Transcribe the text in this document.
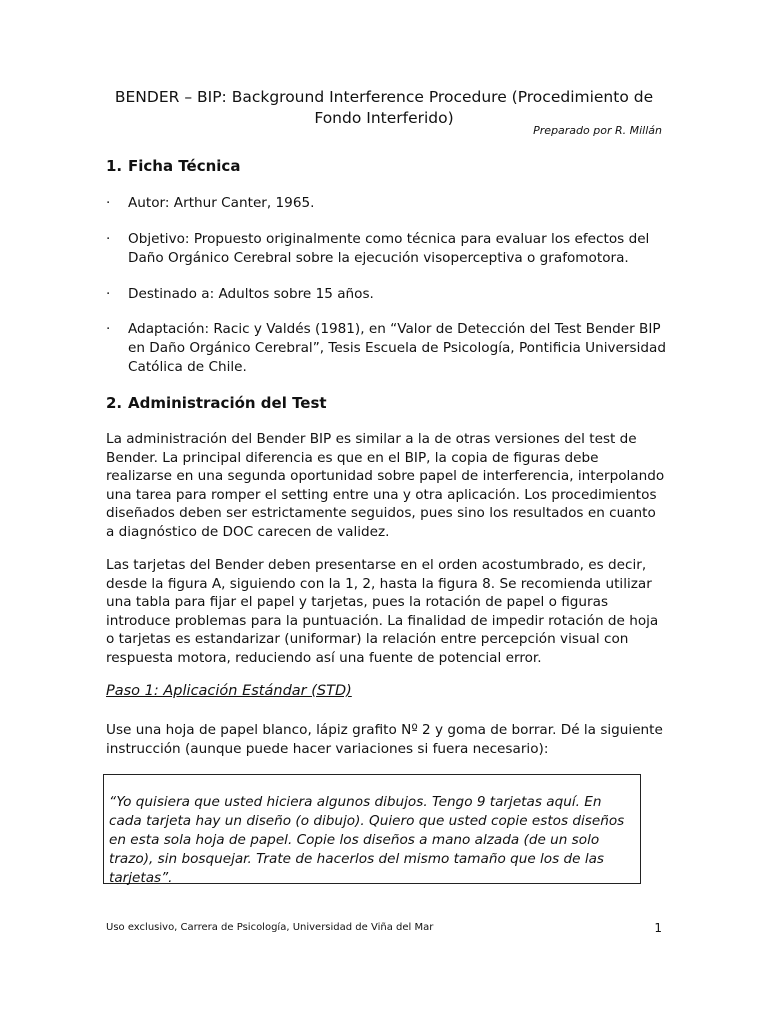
BENDER – BIP: Background Interference Procedure (Procedimiento de
Fondo Interferido)
Preparado por R. Millán
1. Ficha Técnica
· Autor: Arthur Canter, 1965.
· Objetivo: Propuesto originalmente como técnica para evaluar los efectos del Daño Orgánico Cerebral sobre la ejecución visoperceptiva o grafomotora.
· Destinado a: Adultos sobre 15 años.
· Adaptación: Racic y Valdés (1981), en “Valor de Detección del Test Bender BIP en Daño Orgánico Cerebral”, Tesis Escuela de Psicología, Pontificia Universidad Católica de Chile.
2. Administración del Test
La administración del Bender BIP es similar a la de otras versiones del test de Bender. La principal diferencia es que en el BIP, la copia de figuras debe realizarse en una segunda oportunidad sobre papel de interferencia, interpolando una tarea para romper el setting entre una y otra aplicación. Los procedimientos diseñados deben ser estrictamente seguidos, pues sino los resultados en cuanto a diagnóstico de DOC carecen de validez.
Las tarjetas del Bender deben presentarse en el orden acostumbrado, es decir, desde la figura A, siguiendo con la 1, 2, hasta la figura 8. Se recomienda utilizar una tabla para fijar el papel y tarjetas, pues la rotación de papel o figuras introduce problemas para la puntuación. La finalidad de impedir rotación de hoja o tarjetas es estandarizar (uniformar) la relación entre percepción visual con respuesta motora, reduciendo así una fuente de potencial error.
Paso 1: Aplicación Estándar (STD)
Use una hoja de papel blanco, lápiz grafito Nº 2 y goma de borrar. Dé la siguiente instrucción (aunque puede hacer variaciones si fuera necesario):
“Yo quisiera que usted hiciera algunos dibujos. Tengo 9 tarjetas aquí. En cada tarjeta hay un diseño (o dibujo). Quiero que usted copie estos diseños en esta sola hoja de papel. Copie los diseños a mano alzada (de un solo trazo), sin bosquejar. Trate de hacerlos del mismo tamaño que los de las tarjetas”.
Uso exclusivo, Carrera de Psicología, Universidad de Viña del Mar	1
